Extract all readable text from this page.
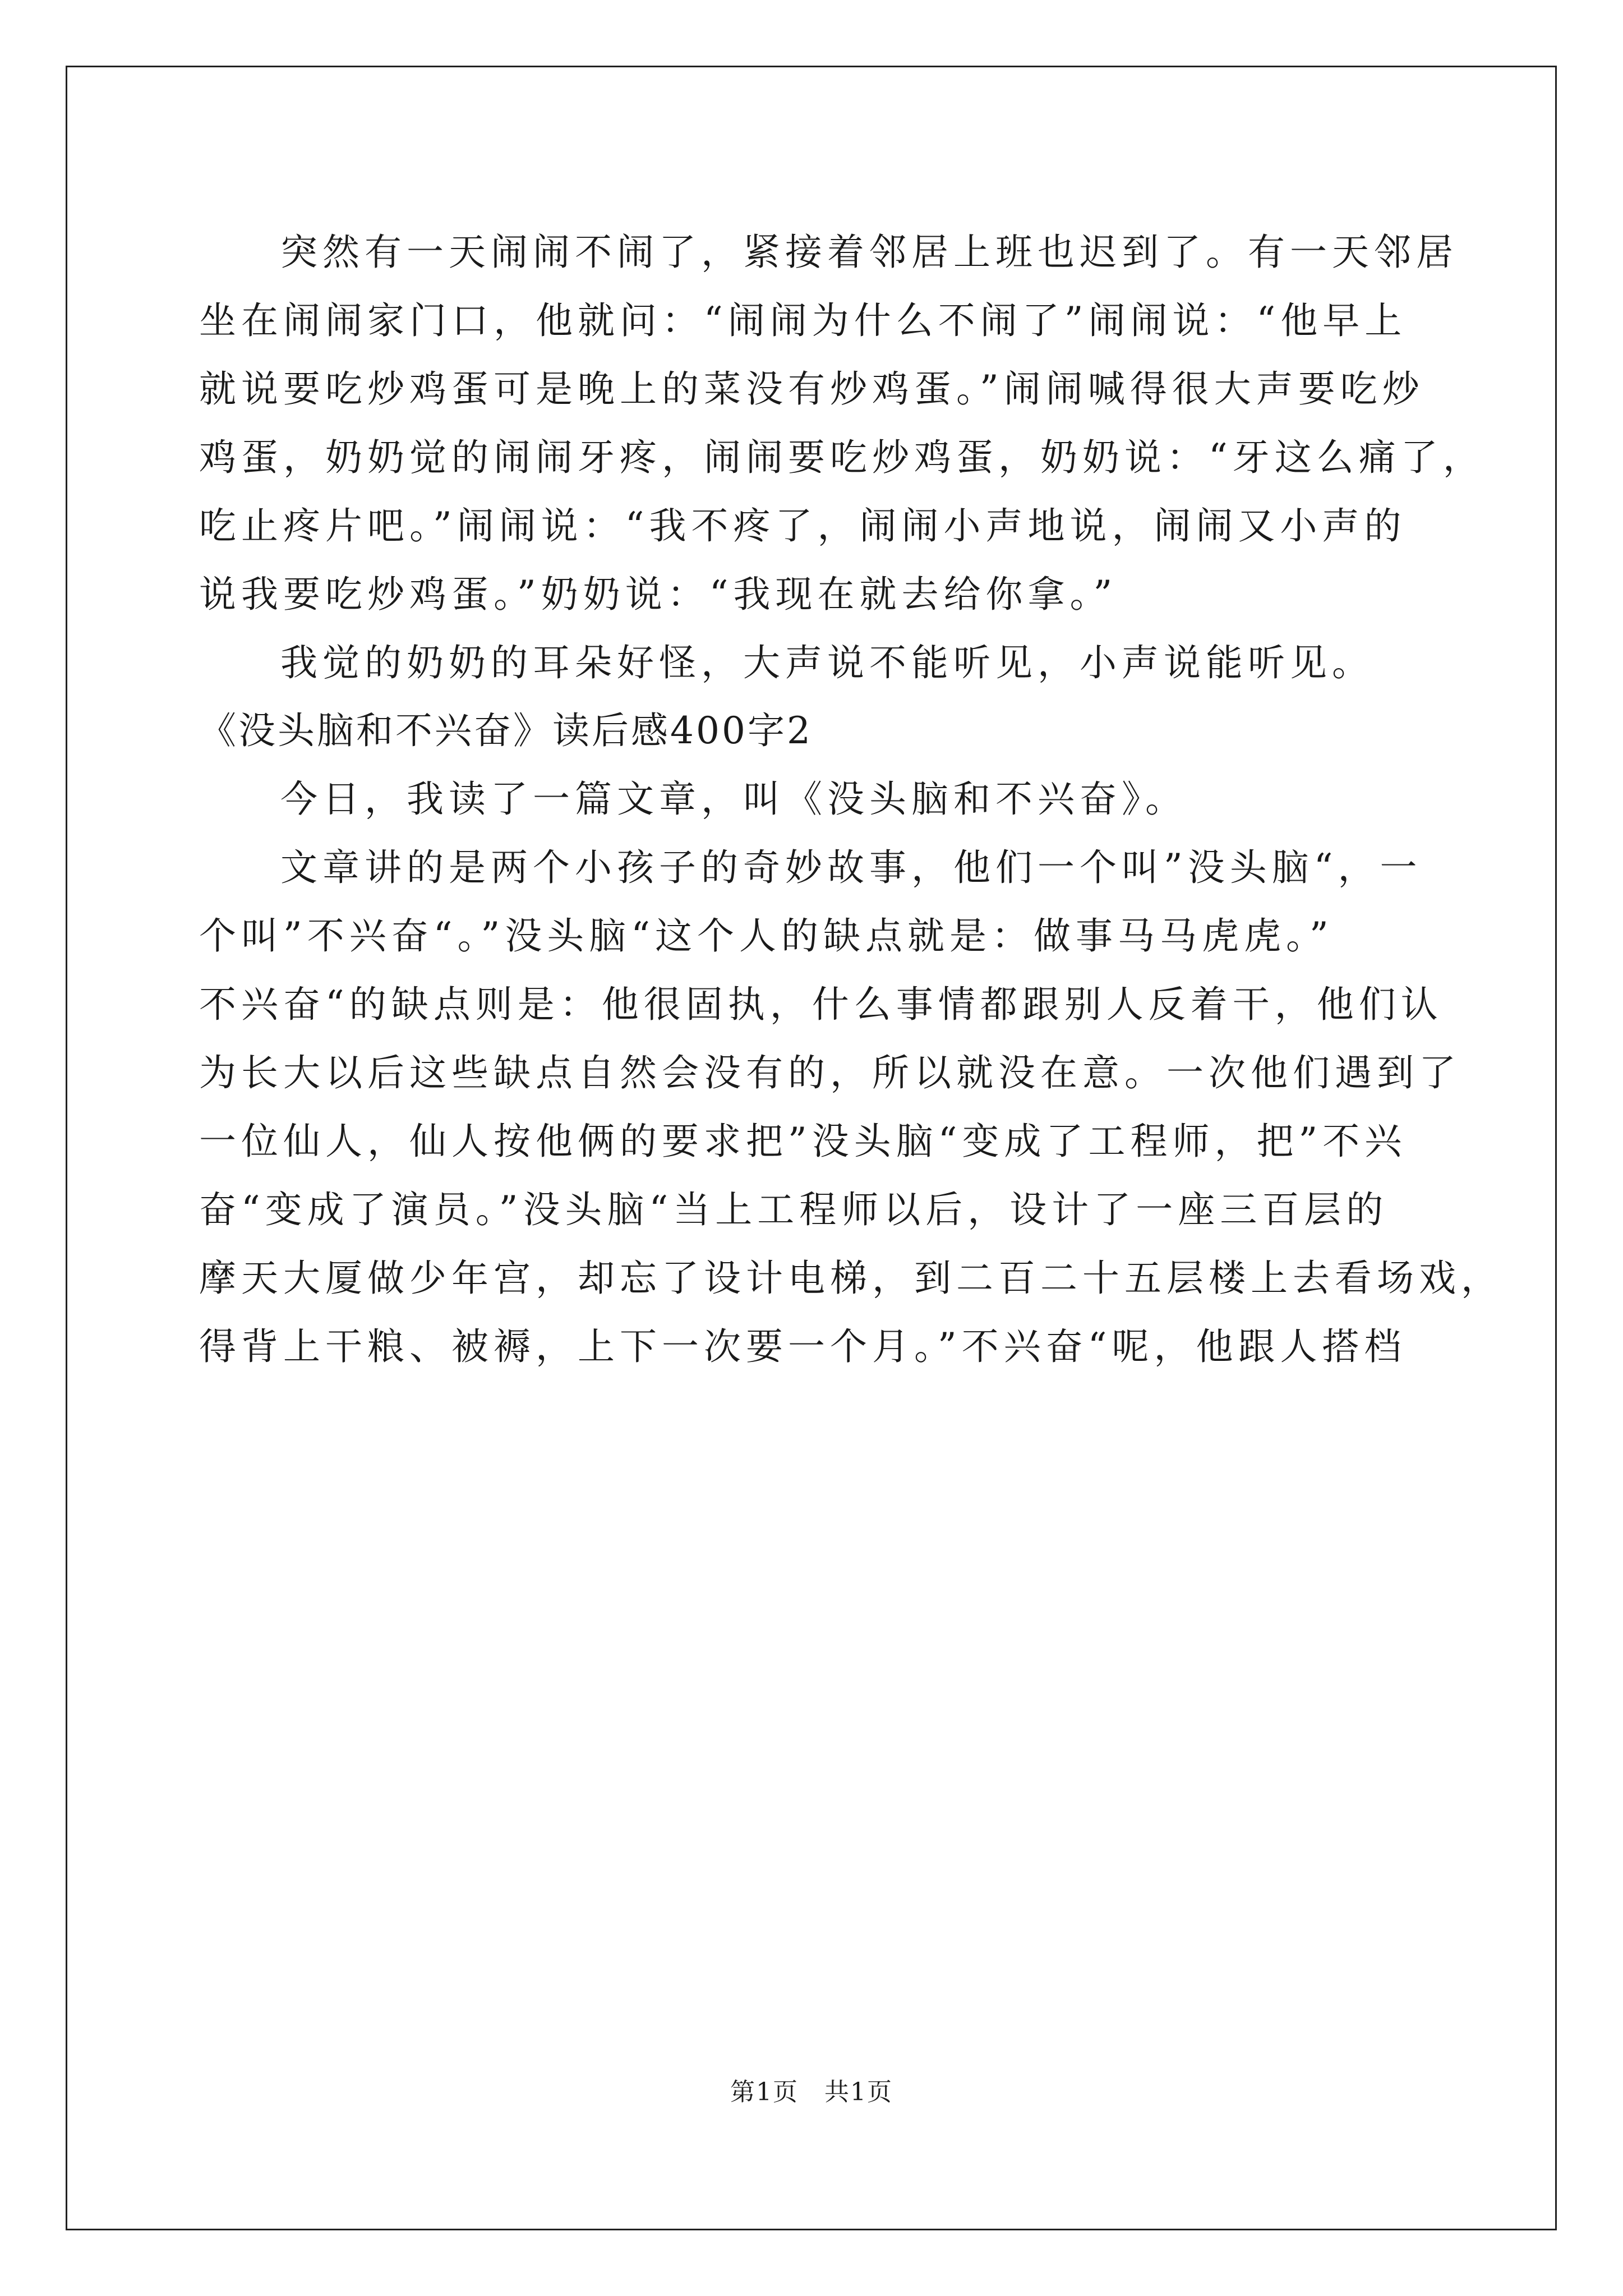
突然有一天闹闹不闹了，紧接着邻居上班也迟到了。有一天邻居
坐在闹闹家门口，他就问：“闹闹为什么不闹了”闹闹说：“他早上
就说要吃炒鸡蛋可是晚上的菜没有炒鸡蛋。”闹闹喊得很大声要吃炒
鸡蛋，奶奶觉的闹闹牙疼，闹闹要吃炒鸡蛋，奶奶说：“牙这么痛了，
吃止疼片吧。”闹闹说：“我不疼了，闹闹小声地说，闹闹又小声的
说我要吃炒鸡蛋。”奶奶说：“我现在就去给你拿。”
我觉的奶奶的耳朵好怪，大声说不能听见，小声说能听见。
《没头脑和不兴奋》读后感400字2
今日，我读了一篇文章，叫《没头脑和不兴奋》。
文章讲的是两个小孩子的奇妙故事，他们一个叫”没头脑“，一
个叫”不兴奋“。”没头脑“这个人的缺点就是：做事马马虎虎。”
不兴奋“的缺点则是：他很固执，什么事情都跟别人反着干，他们认
为长大以后这些缺点自然会没有的，所以就没在意。一次他们遇到了
一位仙人，仙人按他俩的要求把”没头脑“变成了工程师，把”不兴
奋“变成了演员。”没头脑“当上工程师以后，设计了一座三百层的
摩天大厦做少年宫，却忘了设计电梯，到二百二十五层楼上去看场戏，
得背上干粮、被褥，上下一次要一个月。”不兴奋“呢，他跟人搭档
第1页　共1页
